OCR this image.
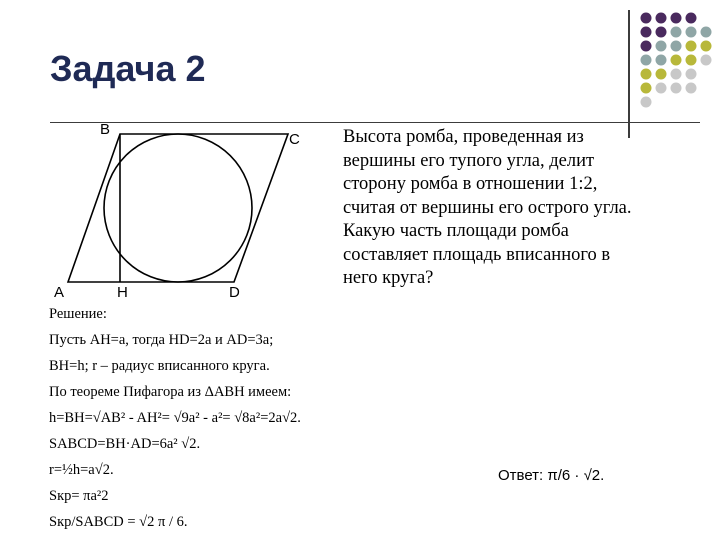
Задача 2
B
C
A	H	D
Высота ромба, проведенная из
вершины его тупого угла, делит
сторону ромба в отношении 1:2,
считая от вершины его острого угла.
Какую часть площади ромба
составляет площадь вписанного в
него круга?
Решение:
Пусть AH=a, тогда HD=2a и AD=3a;
BH=h; r – радиус вписанного круга.
По теореме Пифагора из ΔABH имеем:
h=BH=√AB² - AH²= √9a² - a²= √8a²=2a√2.
SABCD=BH·AD=6a² √2.
r=½h=a√2.
Sкр= πa²2
Sкр/SABCD = √2 π / 6.
Ответ: π/6 · √2.
